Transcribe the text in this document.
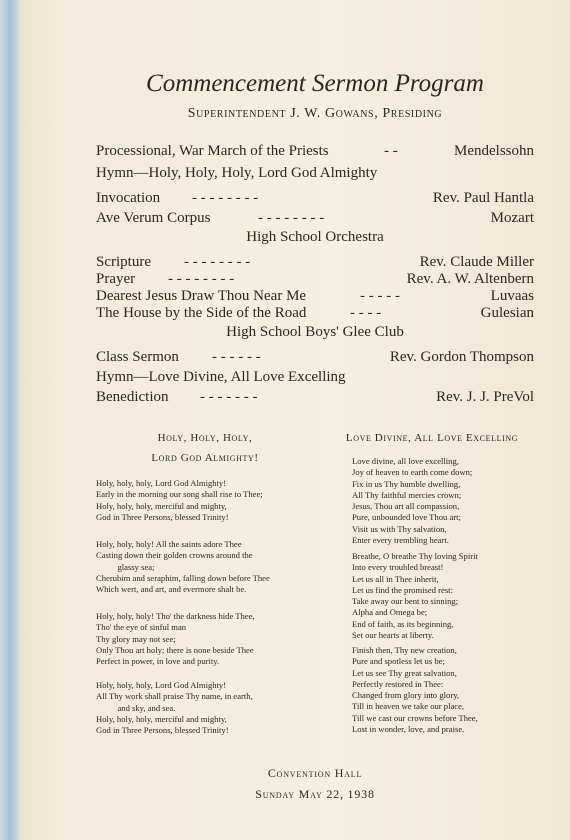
Commencement Sermon Program
Superintendent J. W. Gowans, Presiding
Processional, War March of the Priests	- -	Mendelssohn
Hymn—Holy, Holy, Holy, Lord God Almighty
Invocation - - - - - - - -	Rev. Paul Hantla
Ave Verum Corpus	- - - - - - - -	Mozart
High School Orchestra
Scripture - - - - - - - -	Rev. Claude Miller
Prayer - - - - - - - -	Rev. A. W. Altenbern
Dearest Jesus Draw Thou Near Me	- - - - -	Luvaas
The House by the Side of the Road	- - - -	Gulesian
High School Boys' Glee Club
Class Sermon - - - - - -	Rev. Gordon Thompson
Hymn—Love Divine, All Love Excelling
Benediction - - - - - - -	Rev. J. J. PreVol
Holy, Holy, Holy,
Lord God Almighty!
Holy, holy, holy, Lord God Almighty!
Early in the morning our song shall rise to Thee;
Holy, holy, holy, merciful and mighty,
God in Three Persons, blessed Trinity!
Holy, holy, holy! All the saints adore Thee
Casting down their golden crowns around the
glassy sea;
Cherubim and seraphim, falling down before Thee
Which wert, and art, and evermore shalt be.
Holy, holy, holy! Tho' the darkness hide Thee,
Tho' the eye of sinful man
Thy glory may not see;
Only Thou art holy; there is none beside Thee
Perfect in power, in love and purity.
Holy, holy, holy, Lord God Almighty!
All Thy work shall praise Thy name, in earth,
and sky, and sea.
Holy, holy, holy, merciful and mighty,
God in Three Persons, blessed Trinity!
Love Divine, All Love Excelling
Love divine, all love excelling,
Joy of heaven to earth come down;
Fix in us Thy humble dwelling,
All Thy faithful mercies crown;
Jesus, Thou art all compassion,
Pure, unbounded love Thou art;
Visit us with Thy salvation,
Enter every trembling heart.
Breathe, O breathe Thy loving Spirit
Into every troubled breast!
Let us all in Thee inherit,
Let us find the promised rest:
Take away our bent to sinning;
Alpha and Omega be;
End of faith, as its beginning,
Set our hearts at liberty.
Finish then, Thy new creation,
Pure and spotless let us be;
Let us see Thy great salvation,
Perfectly restored in Thee:
Changed from glory into glory,
Till in heaven we take our place,
Till we cast our crowns before Thee,
Lost in wonder, love, and praise.
Convention Hall
Sunday May 22, 1938
